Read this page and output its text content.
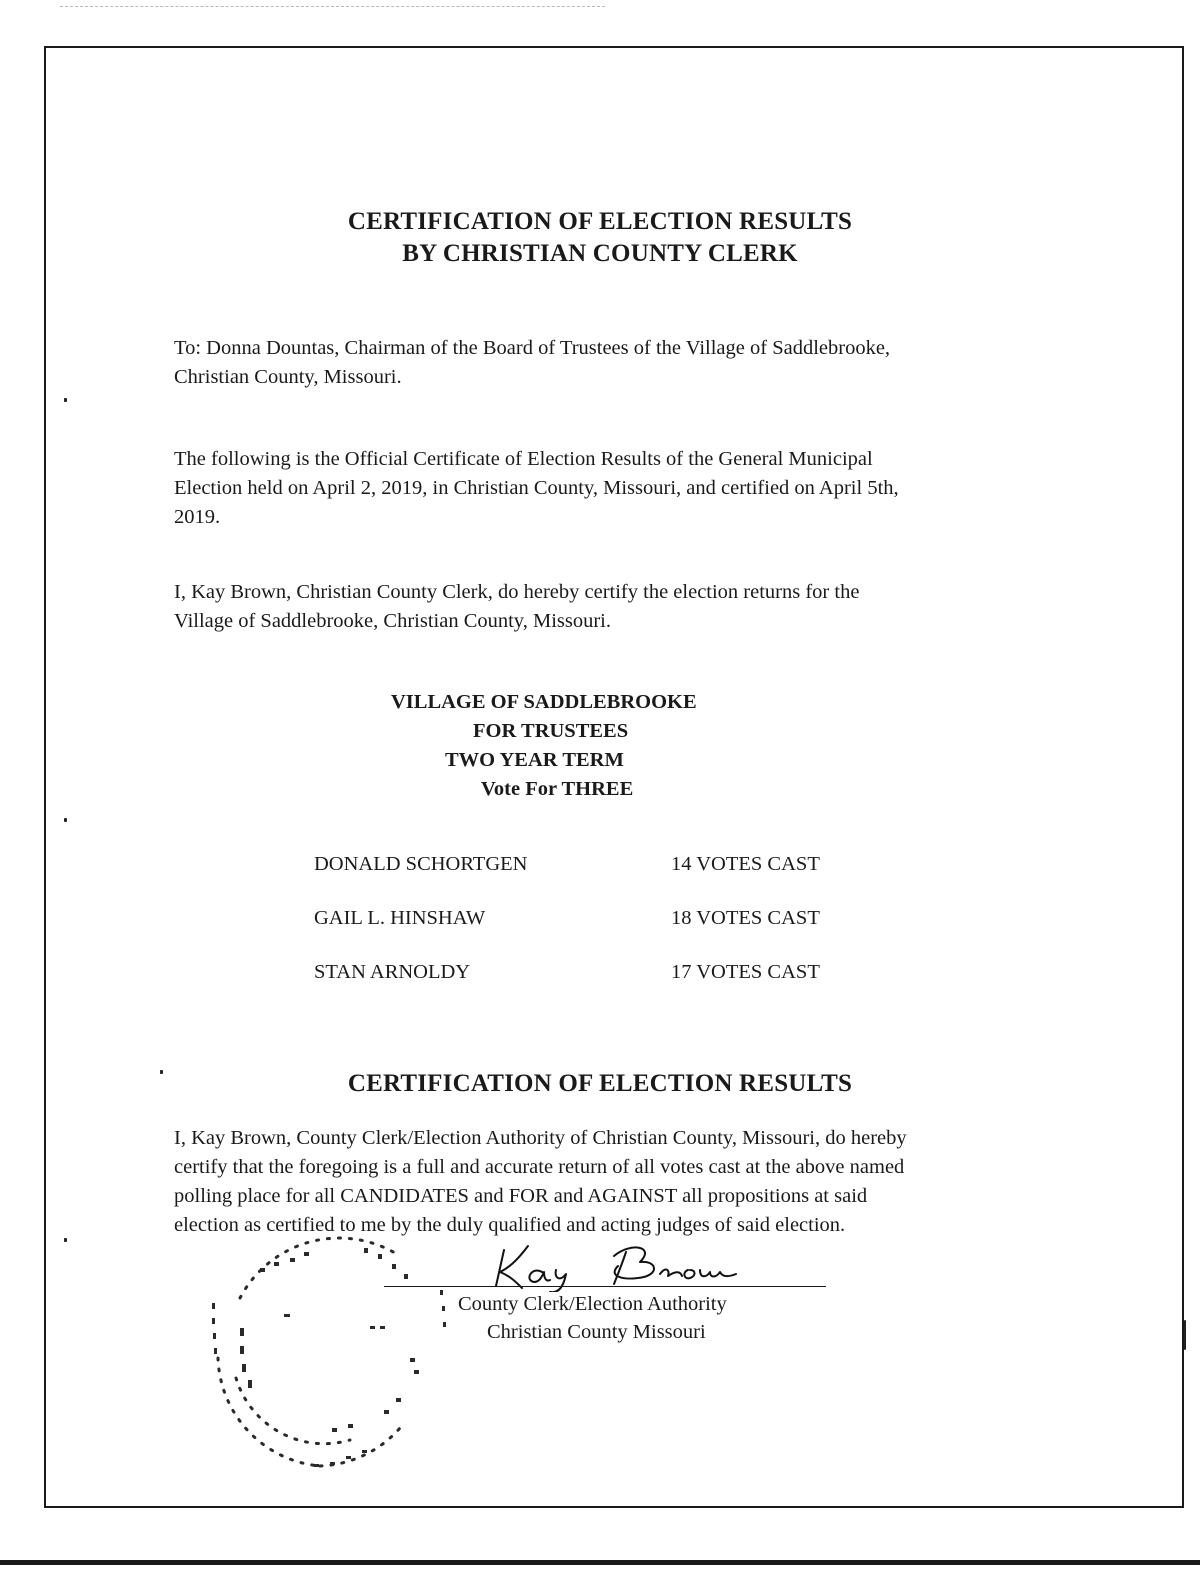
CERTIFICATION OF ELECTION RESULTS
BY CHRISTIAN COUNTY CLERK

To: Donna Dountas, Chairman of the Board of Trustees of the Village of Saddlebrooke,
Christian County, Missouri.

The following is the Official Certificate of Election Results of the General Municipal
Election held on April 2, 2019, in Christian County, Missouri, and certified on April 5th,
2019.

I, Kay Brown, Christian County Clerk, do hereby certify the election returns for the
Village of Saddlebrooke, Christian County, Missouri.

VILLAGE OF SADDLEBROOKE
FOR TRUSTEES
TWO YEAR TERM
Vote For THREE
DONALD SCHORTGEN	14 VOTES CAST
GAIL L. HINSHAW	18 VOTES CAST
STAN ARNOLDY	17 VOTES CAST
CERTIFICATION OF ELECTION RESULTS

I, Kay Brown, County Clerk/Election Authority of Christian County, Missouri, do hereby
certify that the foregoing is a full and accurate return of all votes cast at the above named
polling place for all CANDIDATES and FOR and AGAINST all propositions at said
election as certified to me by the duly qualified and acting judges of said election.

County Clerk/Election Authority
Christian County Missouri
